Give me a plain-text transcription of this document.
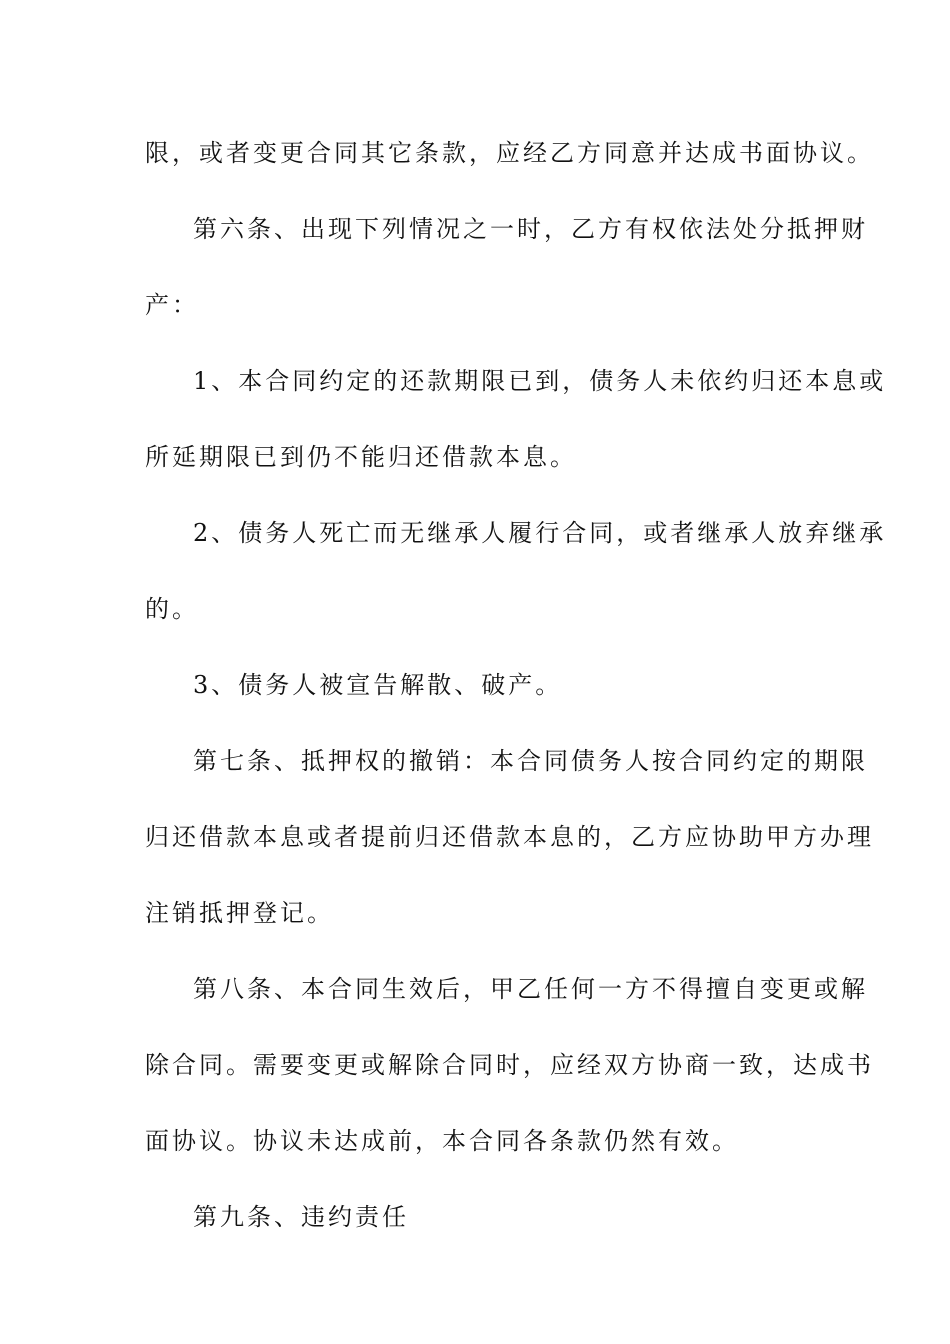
限，或者变更合同其它条款，应经乙方同意并达成书面协议。
第六条、出现下列情况之一时，乙方有权依法处分抵押财
产：
1、本合同约定的还款期限已到，债务人未依约归还本息或
所延期限已到仍不能归还借款本息。
2、债务人死亡而无继承人履行合同，或者继承人放弃继承
的。
3、债务人被宣告解散、破产。
第七条、抵押权的撤销：本合同债务人按合同约定的期限
归还借款本息或者提前归还借款本息的，乙方应协助甲方办理
注销抵押登记。
第八条、本合同生效后，甲乙任何一方不得擅自变更或解
除合同。需要变更或解除合同时，应经双方协商一致，达成书
面协议。协议未达成前，本合同各条款仍然有效。
第九条、违约责任
